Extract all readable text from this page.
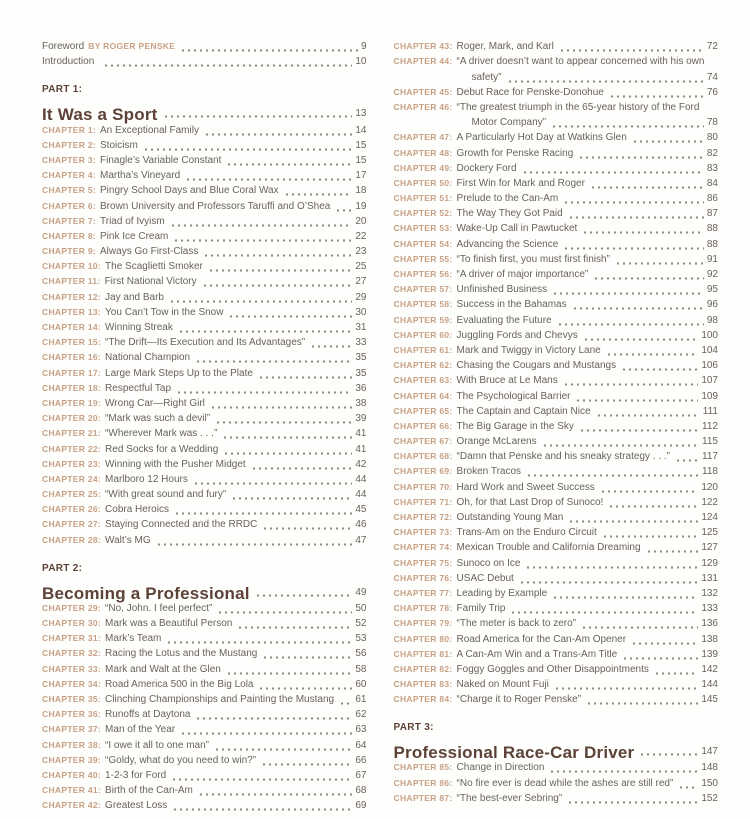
Foreword BY ROGER PENSKE	9
Introduction	10
PART 1:
It Was a Sport	13
CHAPTER 1: An Exceptional Family	14
CHAPTER 2: Stoicism	15
CHAPTER 3: Finagle’s Variable Constant	15
CHAPTER 4: Martha’s Vineyard	17
CHAPTER 5: Pingry School Days and Blue Coral Wax	18
CHAPTER 6: Brown University and Professors Taruffi and O’Shea	19
CHAPTER 7: Triad of Ivyism	20
CHAPTER 8: Pink Ice Cream	22
CHAPTER 9: Always Go First-Class	23
CHAPTER 10: The Scaglietti Smoker	25
CHAPTER 11: First National Victory	27
CHAPTER 12: Jay and Barb	29
CHAPTER 13: You Can’t Tow in the Snow	30
CHAPTER 14: Winning Streak	31
CHAPTER 15: “The Drift—Its Execution and Its Advantages”	33
CHAPTER 16: National Champion	35
CHAPTER 17: Large Mark Steps Up to the Plate	35
CHAPTER 18: Respectful Tap	36
CHAPTER 19: Wrong Car—Right Girl	38
CHAPTER 20: “Mark was such a devil”	39
CHAPTER 21: “Wherever Mark was . . .”	41
CHAPTER 22: Red Socks for a Wedding	41
CHAPTER 23: Winning with the Pusher Midget	42
CHAPTER 24: Marlboro 12 Hours	44
CHAPTER 25: “With great sound and fury”	44
CHAPTER 26: Cobra Heroics	45
CHAPTER 27: Staying Connected and the RRDC	46
CHAPTER 28: Walt’s MG	47
PART 2:
Becoming a Professional	49
CHAPTER 29: “No, John. I feel perfect”	50
CHAPTER 30: Mark was a Beautiful Person	52
CHAPTER 31: Mark’s Team	53
CHAPTER 32: Racing the Lotus and the Mustang	56
CHAPTER 33: Mark and Walt at the Glen	58
CHAPTER 34: Road America 500 in the Big Lola	60
CHAPTER 35: Clinching Championships and Painting the Mustang 61
CHAPTER 36: Runoffs at Daytona	62
CHAPTER 37: Man of the Year	63
CHAPTER 38: “I owe it all to one man”	64
CHAPTER 39: “Goldy, what do you need to win?”	66
CHAPTER 40: 1-2-3 for Ford	67
CHAPTER 41: Birth of the Can-Am	68
CHAPTER 42: Greatest Loss	69
CHAPTER 43: Roger, Mark, and Karl	72
CHAPTER 44: “A driver doesn’t want to appear concerned with his own
safety”	74
CHAPTER 45: Debut Race for Penske-Donohue	76
CHAPTER 46: “The greatest triumph in the 65-year history of the Ford
Motor Company”	78
CHAPTER 47: A Particularly Hot Day at Watkins Glen	80
CHAPTER 48: Growth for Penske Racing	82
CHAPTER 49: Dockery Ford	83
CHAPTER 50: First Win for Mark and Roger	84
CHAPTER 51: Prelude to the Can-Am	86
CHAPTER 52: The Way They Got Paid	87
CHAPTER 53: Wake-Up Call in Pawtucket	88
CHAPTER 54: Advancing the Science	88
CHAPTER 55: “To finish first, you must first finish”	91
CHAPTER 56: “A driver of major importance”	92
CHAPTER 57: Unfinished Business	95
CHAPTER 58: Success in the Bahamas	96
CHAPTER 59: Evaluating the Future	98
CHAPTER 60: Juggling Fords and Chevys	100
CHAPTER 61: Mark and Twiggy in Victory Lane	104
CHAPTER 62: Chasing the Cougars and Mustangs	106
CHAPTER 63: With Bruce at Le Mans	107
CHAPTER 64: The Psychological Barrier	109
CHAPTER 65: The Captain and Captain Nice	111
CHAPTER 66: The Big Garage in the Sky	112
CHAPTER 67: Orange McLarens	115
CHAPTER 68: “Damn that Penske and his sneaky strategy . . .”	117
CHAPTER 69: Broken Tracos	118
CHAPTER 70: Hard Work and Sweet Success	120
CHAPTER 71: Oh, for that Last Drop of Sunoco!	122
CHAPTER 72: Outstanding Young Man	124
CHAPTER 73: Trans-Am on the Enduro Circuit	125
CHAPTER 74: Mexican Trouble and California Dreaming	127
CHAPTER 75: Sunoco on Ice	129
CHAPTER 76: USAC Debut	131
CHAPTER 77: Leading by Example	132
CHAPTER 78: Family Trip	133
CHAPTER 79: “The meter is back to zero”	136
CHAPTER 80: Road America for the Can-Am Opener	138
CHAPTER 81: A Can-Am Win and a Trans-Am Title	139
CHAPTER 82: Foggy Goggles and Other Disappointments	142
CHAPTER 83: Naked on Mount Fuji	144
CHAPTER 84: “Charge it to Roger Penske”	145
PART 3:
Professional Race-Car Driver	147
CHAPTER 85: Change in Direction	148
CHAPTER 86: “No fire ever is dead while the ashes are still red”	150
CHAPTER 87: “The best-ever Sebring”	152
